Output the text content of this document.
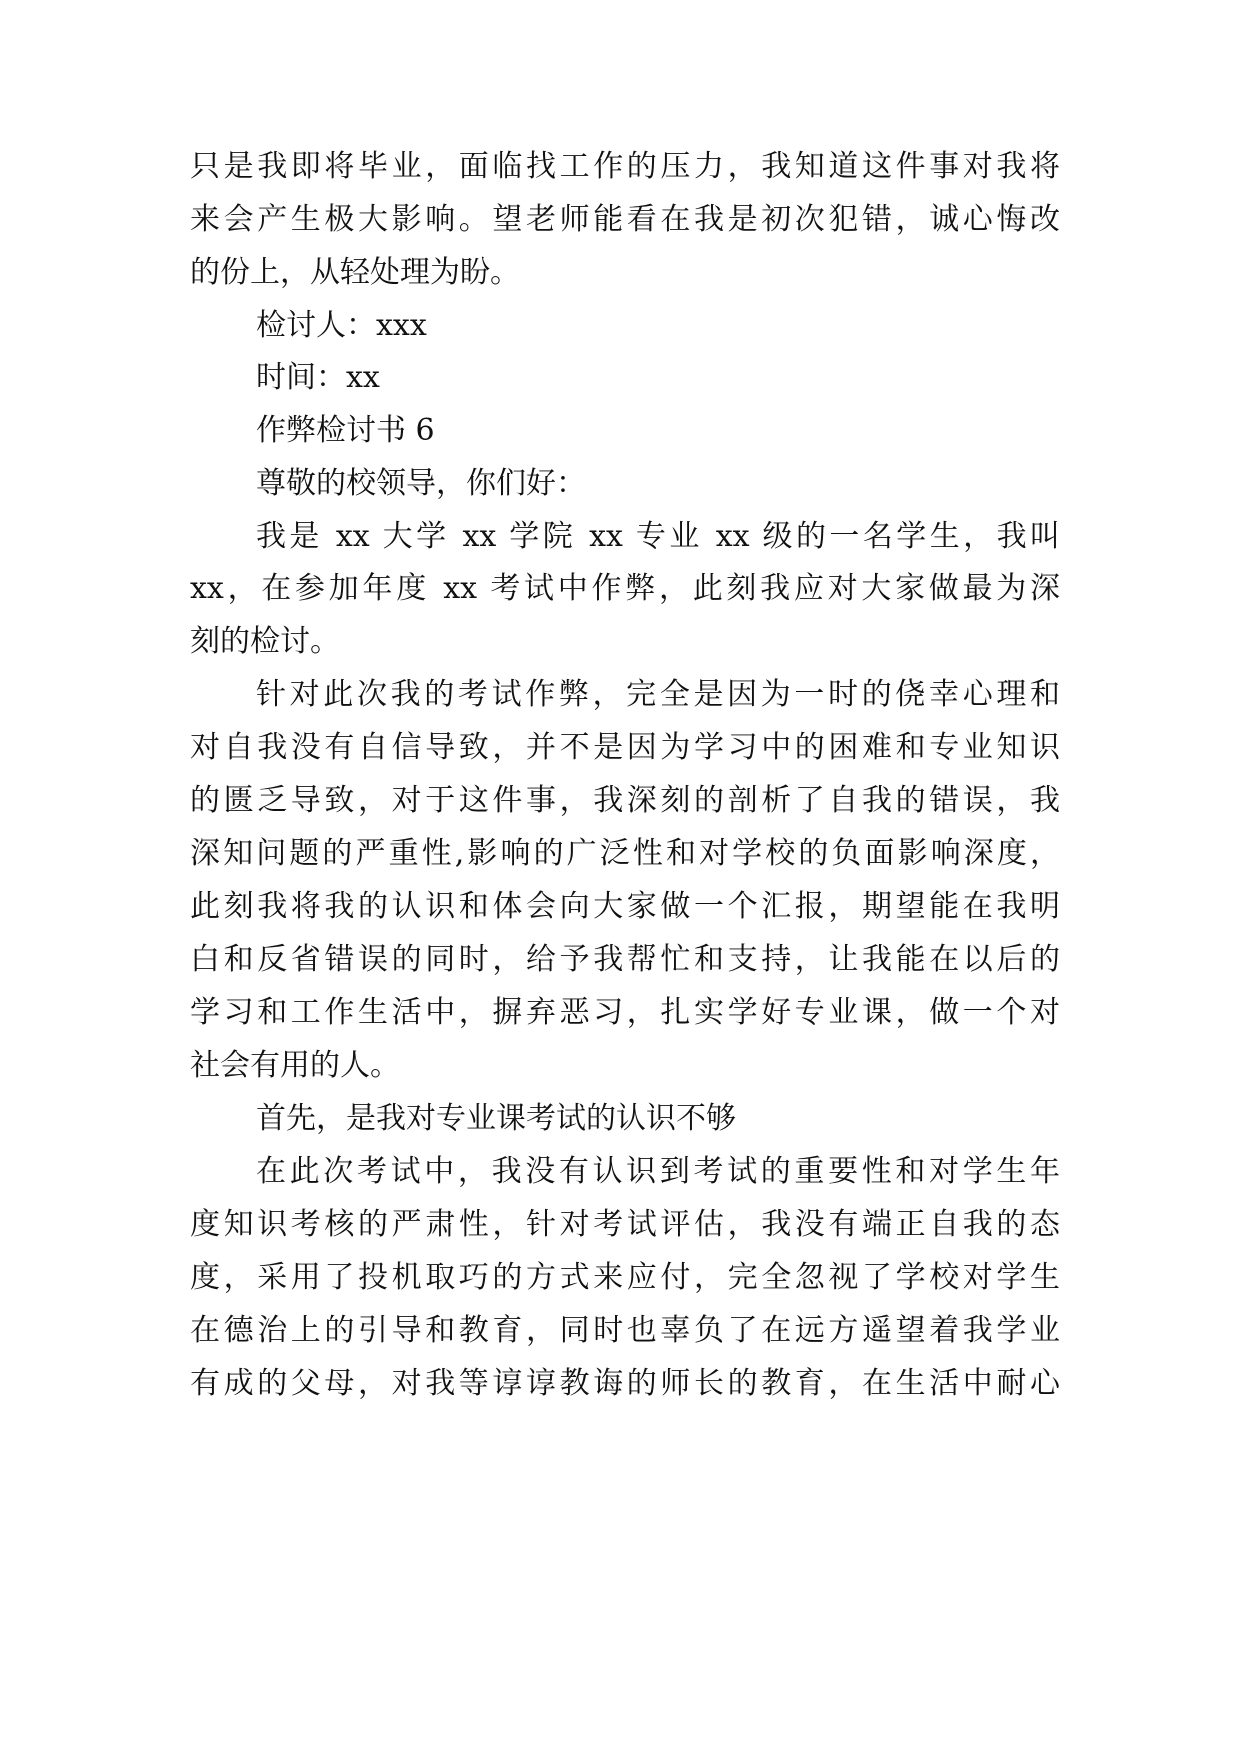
只是我即将毕业，面临找工作的压力，我知道这件事对我将
来会产生极大影响。望老师能看在我是初次犯错，诚心悔改
的份上，从轻处理为盼。
检讨人：xxx
时间：xx
作弊检讨书 6
尊敬的校领导，你们好：
我是 xx 大学 xx 学院 xx 专业 xx 级的一名学生，我叫
xx，在参加年度 xx 考试中作弊，此刻我应对大家做最为深
刻的检讨。
针对此次我的考试作弊，完全是因为一时的侥幸心理和
对自我没有自信导致，并不是因为学习中的困难和专业知识
的匮乏导致，对于这件事，我深刻的剖析了自我的错误，我
深知问题的严重性,影响的广泛性和对学校的负面影响深度，
此刻我将我的认识和体会向大家做一个汇报，期望能在我明
白和反省错误的同时，给予我帮忙和支持，让我能在以后的
学习和工作生活中，摒弃恶习，扎实学好专业课，做一个对
社会有用的人。
首先，是我对专业课考试的认识不够
在此次考试中，我没有认识到考试的重要性和对学生年
度知识考核的严肃性，针对考试评估，我没有端正自我的态
度，采用了投机取巧的方式来应付，完全忽视了学校对学生
在德治上的引导和教育，同时也辜负了在远方遥望着我学业
有成的父母，对我等谆谆教诲的师长的教育，在生活中耐心
